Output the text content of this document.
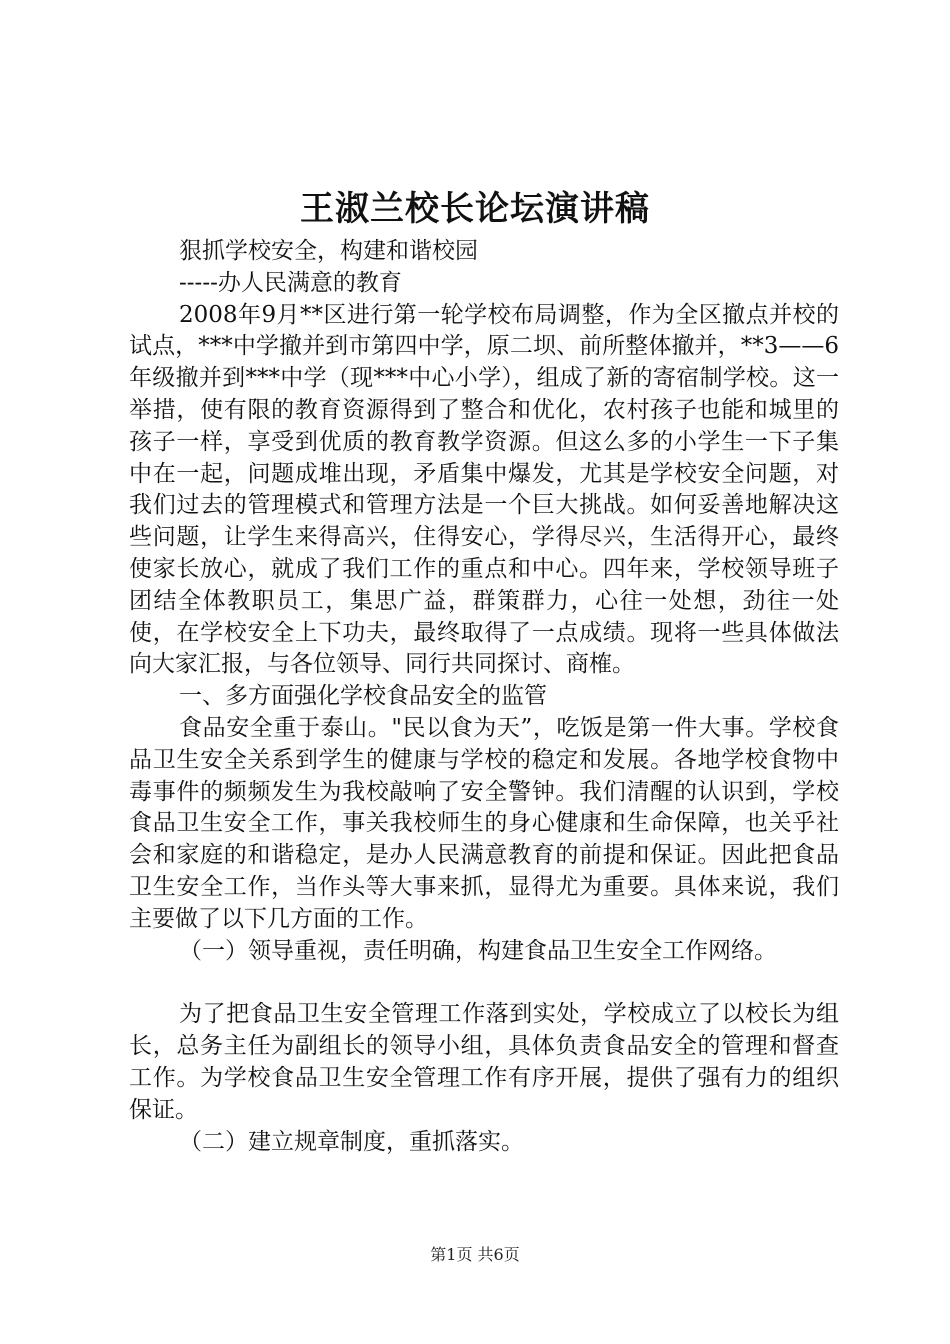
王淑兰校长论坛演讲稿

狠抓学校安全，构建和谐校园

-----办人民满意的教育

2008年9月**区进行第一轮学校布局调整，作为全区撤点并校的试点，***中学撤并到市第四中学，原二坝、前所整体撤并，**3——6年级撤并到***中学（现***中心小学），组成了新的寄宿制学校。这一举措，使有限的教育资源得到了整合和优化，农村孩子也能和城里的孩子一样，享受到优质的教育教学资源。但这么多的小学生一下子集中在一起，问题成堆出现，矛盾集中爆发，尤其是学校安全问题，对我们过去的管理模式和管理方法是一个巨大挑战。如何妥善地解决这些问题，让学生来得高兴，住得安心，学得尽兴，生活得开心，最终使家长放心，就成了我们工作的重点和中心。四年来，学校领导班子团结全体教职员工，集思广益，群策群力，心往一处想，劲往一处使，在学校安全上下功夫，最终取得了一点成绩。现将一些具体做法向大家汇报，与各位领导、同行共同探讨、商榷。

一、多方面强化学校食品安全的监管

食品安全重于泰山。"民以食为天”，吃饭是第一件大事。学校食品卫生安全关系到学生的健康与学校的稳定和发展。各地学校食物中毒事件的频频发生为我校敲响了安全警钟。我们清醒的认识到，学校食品卫生安全工作，事关我校师生的身心健康和生命保障，也关乎社会和家庭的和谐稳定，是办人民满意教育的前提和保证。因此把食品卫生安全工作，当作头等大事来抓，显得尤为重要。具体来说，我们主要做了以下几方面的工作。

（一）领导重视，责任明确，构建食品卫生安全工作网络。

为了把食品卫生安全管理工作落到实处，学校成立了以校长为组长，总务主任为副组长的领导小组，具体负责食品安全的管理和督查工作。为学校食品卫生安全管理工作有序开展，提供了强有力的组织保证。

（二）建立规章制度，重抓落实。

第1页 共6页
